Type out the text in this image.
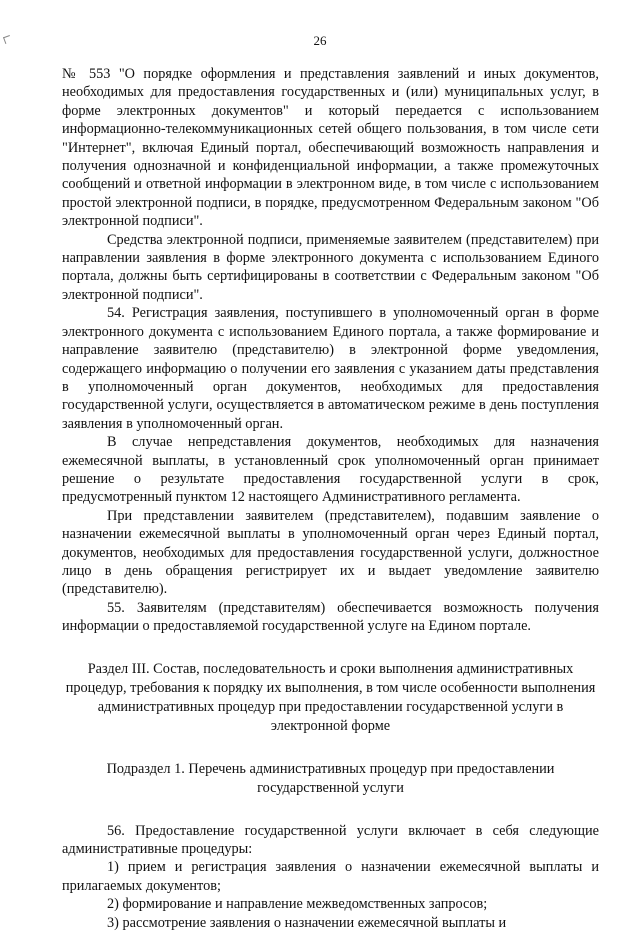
26

№ 553 "О порядке оформления и представления заявлений и иных документов, необходимых для предоставления государственных и (или) муниципальных услуг, в форме электронных документов" и который передается с использованием информационно-телекоммуникационных сетей общего пользования, в том числе сети "Интернет", включая Единый портал, обеспечивающий возможность направления и получения однозначной и конфиденциальной информации, а также промежуточных сообщений и ответной информации в электронном виде, в том числе с использованием простой электронной подписи, в порядке, предусмотренном Федеральным законом "Об электронной подписи".

Средства электронной подписи, применяемые заявителем (представителем) при направлении заявления в форме электронного документа с использованием Единого портала, должны быть сертифицированы в соответствии с Федеральным законом "Об электронной подписи".

54. Регистрация заявления, поступившего в уполномоченный орган в форме электронного документа с использованием Единого портала, а также формирование и направление заявителю (представителю) в электронной форме уведомления, содержащего информацию о получении его заявления с указанием даты представления в уполномоченный орган документов, необходимых для предоставления государственной услуги, осуществляется в автоматическом режиме в день поступления заявления в уполномоченный орган.

В случае непредставления документов, необходимых для назначения ежемесячной выплаты, в установленный срок уполномоченный орган принимает решение о результате предоставления государственной услуги в срок, предусмотренный пунктом 12 настоящего Административного регламента.

При представлении заявителем (представителем), подавшим заявление о назначении ежемесячной выплаты в уполномоченный орган через Единый портал, документов, необходимых для предоставления государственной услуги, должностное лицо в день обращения регистрирует их и выдает уведомление заявителю (представителю).

55. Заявителям (представителям) обеспечивается возможность получения информации о предоставляемой государственной услуге на Едином портале.

Раздел III. Состав, последовательность и сроки выполнения административных процедур, требования к порядку их выполнения, в том числе особенности выполнения административных процедур при предоставлении государственной услуги в электронной форме
Подраздел 1. Перечень административных процедур при предоставлении государственной услуги

56. Предоставление государственной услуги включает в себя следующие административные процедуры:

1) прием и регистрация заявления о назначении ежемесячной выплаты и прилагаемых документов;

2) формирование и направление межведомственных запросов;

3) рассмотрение заявления о назначении ежемесячной выплаты и
